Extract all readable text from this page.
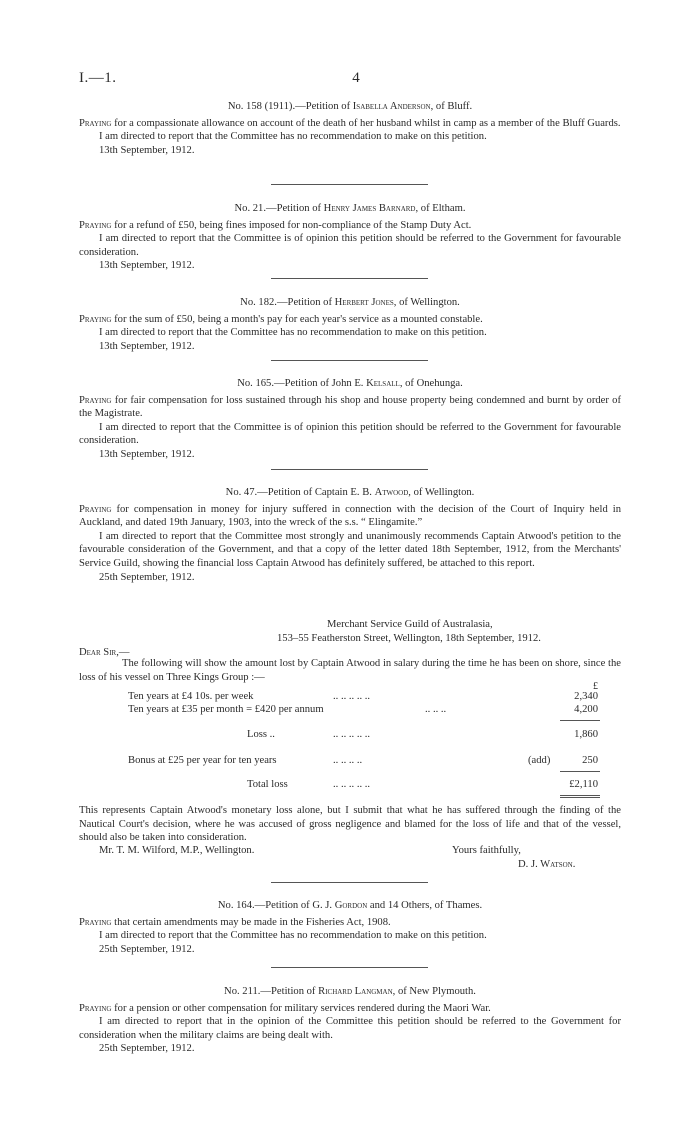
I.—1.	4
No. 158 (1911).—Petition of Isabella Anderson, of Bluff.

Praying for a compassionate allowance on account of the death of her husband whilst in camp as a member of the Bluff Guards.

I am directed to report that the Committee has no recommendation to make on this petition.

13th September, 1912.
No. 21.—Petition of Henry James Barnard, of Eltham.

Praying for a refund of £50, being fines imposed for non-compliance of the Stamp Duty Act.

I am directed to report that the Committee is of opinion this petition should be referred to the Government for favourable consideration.

13th September, 1912.
No. 182.—Petition of Herbert Jones, of Wellington.

Praying for the sum of £50, being a month's pay for each year's service as a mounted constable.

I am directed to report that the Committee has no recommendation to make on this petition.

13th September, 1912.
No. 165.—Petition of John E. Kelsall, of Onehunga.

Praying for fair compensation for loss sustained through his shop and house property being condemned and burnt by order of the Magistrate.

I am directed to report that the Committee is of opinion this petition should be referred to the Government for favourable consideration.

13th September, 1912.
No. 47.—Petition of Captain E. B. Atwood, of Wellington.

Praying for compensation in money for injury suffered in connection with the decision of the Court of Inquiry held in Auckland, and dated 19th January, 1903, into the wreck of the s.s. “ Elingamite.”

I am directed to report that the Committee most strongly and unanimously recommends Captain Atwood's petition to the favourable consideration of the Government, and that a copy of the letter dated 18th September, 1912, from the Merchants' Service Guild, showing the financial loss Captain Atwood has definitely suffered, be attached to this report.

25th September, 1912.
Merchant Service Guild of Australasia,
153–55 Featherston Street, Wellington, 18th September, 1912.
Dear Sir,—

The following will show the amount lost by Captain Atwood in salary during the time he has been on shore, since the loss of his vessel on Three Kings Group :—

£
Ten years at £4 10s. per week	.. .. .. .. ..	2,340
Ten years at £35 per month = £420 per annum	.. .. ..	4,200
Loss ..	.. .. .. .. ..	1,860
Bonus at £25 per year for ten years	.. .. .. ..	(add)	250
Total loss	.. .. .. .. ..	£2,110

This represents Captain Atwood's monetary loss alone, but I submit that what he has suffered through the finding of the Nautical Court's decision, where he was accused of gross negligence and blamed for the loss of life and that of the vessel, should also be taken into consideration.

Mr. T. M. Wilford, M.P., Wellington.	Yours faithfully,
D. J. Watson.
No. 164.—Petition of G. J. Gordon and 14 Others, of Thames.

Praying that certain amendments may be made in the Fisheries Act, 1908.

I am directed to report that the Committee has no recommendation to make on this petition.

25th September, 1912.
No. 211.—Petition of Richard Langman, of New Plymouth.

Praying for a pension or other compensation for military services rendered during the Maori War.

I am directed to report that in the opinion of the Committee this petition should be referred to the Government for consideration when the military claims are being dealt with.

25th September, 1912.
